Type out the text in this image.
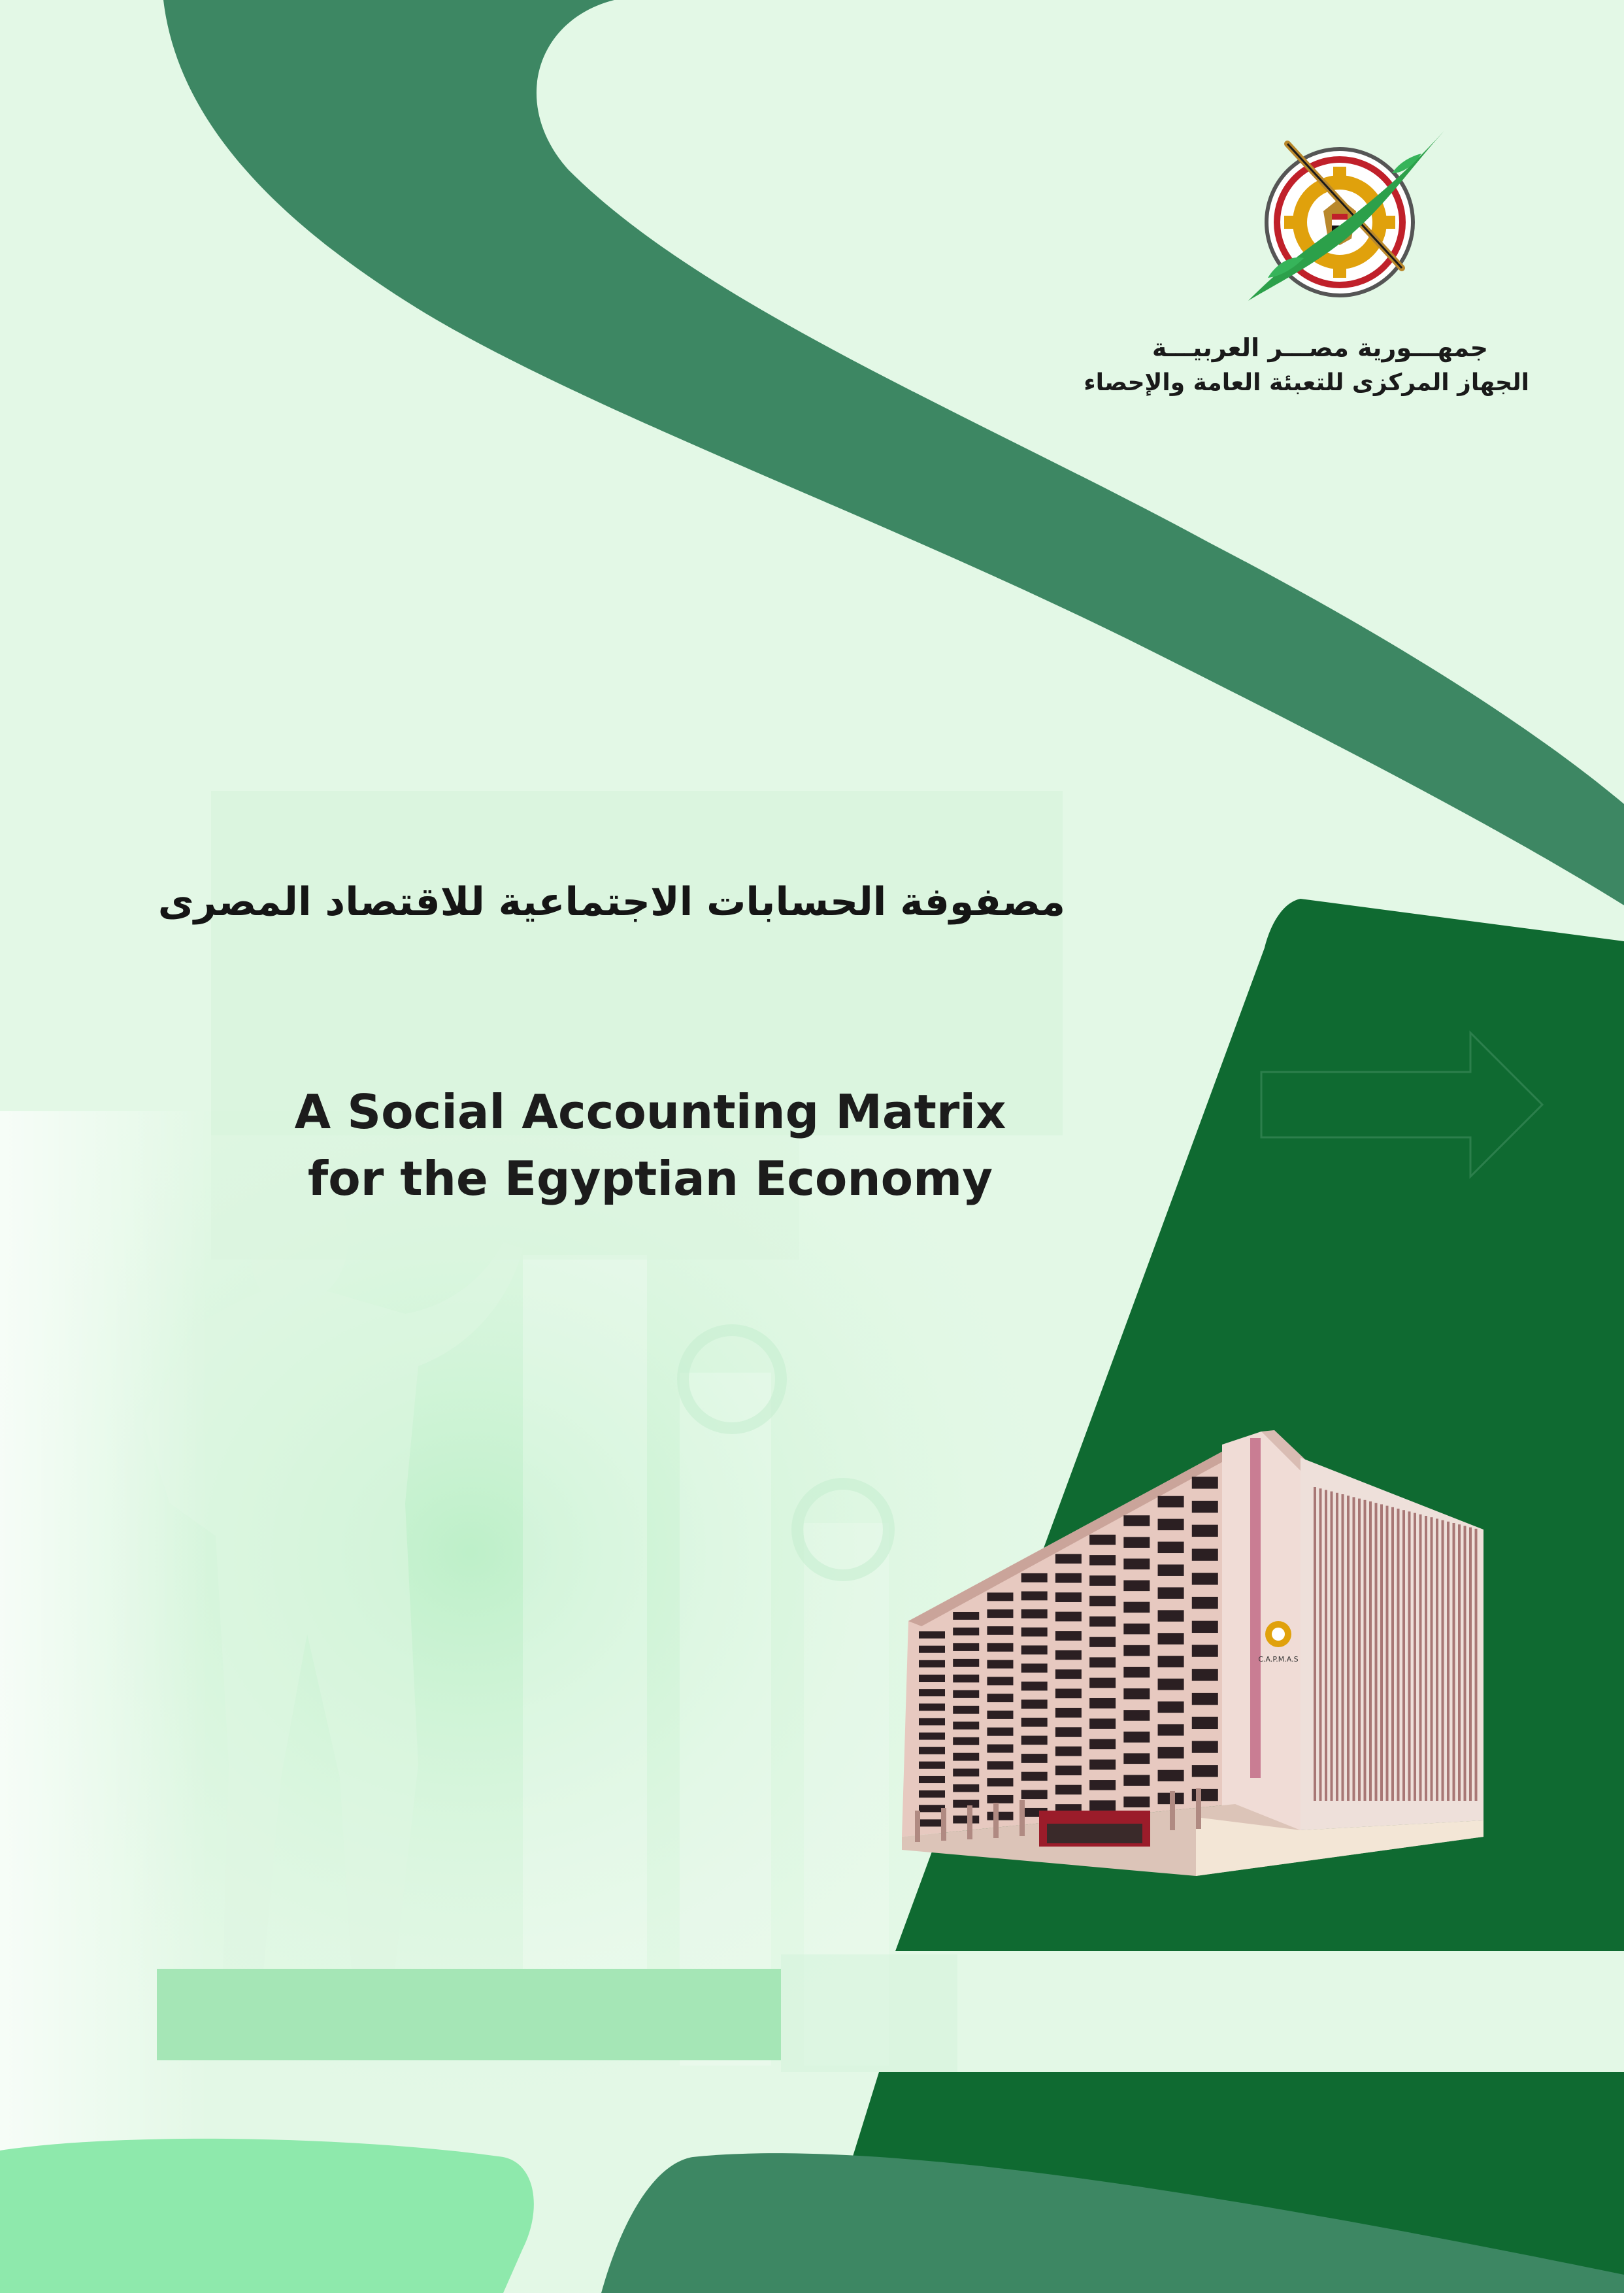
جمهـــورية مصـــر العربيـــة
الجهاز المركزى للتعبئة العامة والإحصاء
مصفوفة الحسابات الاجتماعية للاقتصاد المصرى
A Social Accounting Matrix
for the Egyptian Economy
C.A.P.M.A.S
